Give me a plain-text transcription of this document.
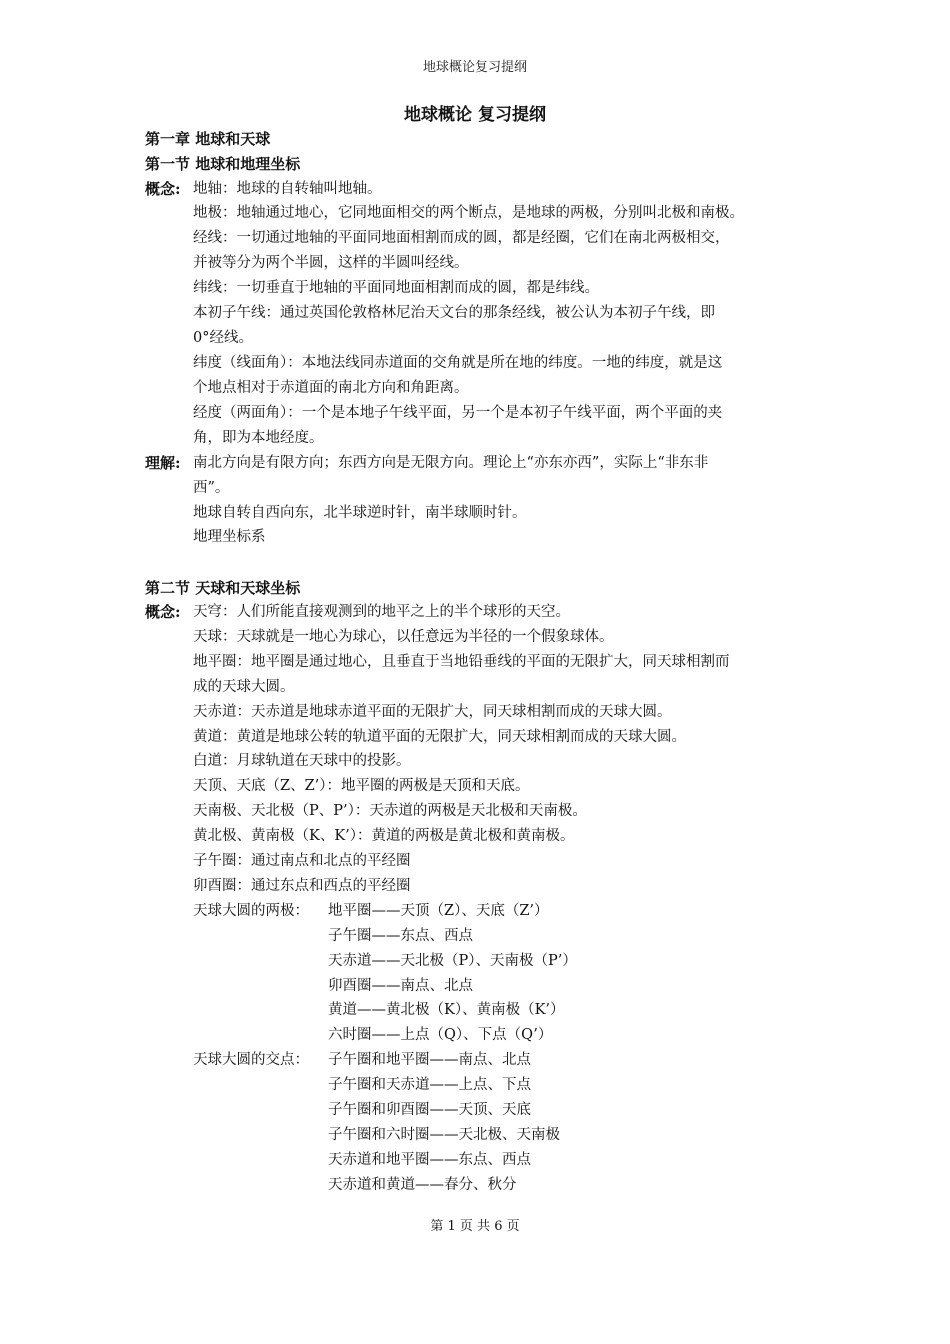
地球概论复习提纲
地球概论 复习提纲
第一章 地球和天球
第一节 地球和地理坐标
概念: 地轴：地球的自转轴叫地轴。
地极：地轴通过地心，它同地面相交的两个断点，是地球的两极，分别叫北极和南极。
经线：一切通过地轴的平面同地面相割而成的圆，都是经圈，它们在南北两极相交，
并被等分为两个半圆，这样的半圆叫经线。
纬线：一切垂直于地轴的平面同地面相割而成的圆，都是纬线。
本初子午线：通过英国伦敦格林尼治天文台的那条经线，被公认为本初子午线，即
0°经线。
纬度（线面角）：本地法线同赤道面的交角就是所在地的纬度。一地的纬度，就是这
个地点相对于赤道面的南北方向和角距离。
经度（两面角）：一个是本地子午线平面，另一个是本初子午线平面，两个平面的夹
角，即为本地经度。
理解: 南北方向是有限方向；东西方向是无限方向。理论上“亦东亦西”，实际上“非东非
西”。
地球自转自西向东，北半球逆时针，南半球顺时针。
地理坐标系
第二节 天球和天球坐标
概念: 天穹：人们所能直接观测到的地平之上的半个球形的天空。
天球：天球就是一地心为球心，以任意远为半径的一个假象球体。
地平圈：地平圈是通过地心，且垂直于当地铅垂线的平面的无限扩大，同天球相割而
成的天球大圆。
天赤道：天赤道是地球赤道平面的无限扩大，同天球相割而成的天球大圆。
黄道：黄道是地球公转的轨道平面的无限扩大，同天球相割而成的天球大圆。
白道：月球轨道在天球中的投影。
天顶、天底（Z、Z’）：地平圈的两极是天顶和天底。
天南极、天北极（P、P’）：天赤道的两极是天北极和天南极。
黄北极、黄南极（K、K’）：黄道的两极是黄北极和黄南极。
子午圈：通过南点和北点的平经圈
卯酉圈：通过东点和西点的平经圈
天球大圆的两极： 地平圈——天顶（Z）、天底（Z’）
子午圈——东点、西点
天赤道——天北极（P）、天南极（P’）
卯酉圈——南点、北点
黄道——黄北极（K）、黄南极（K’）
六时圈——上点（Q）、下点（Q’）
天球大圆的交点： 子午圈和地平圈——南点、北点
子午圈和天赤道——上点、下点
子午圈和卯酉圈——天顶、天底
子午圈和六时圈——天北极、天南极
天赤道和地平圈——东点、西点
天赤道和黄道——春分、秋分
第 1 页 共 6 页
